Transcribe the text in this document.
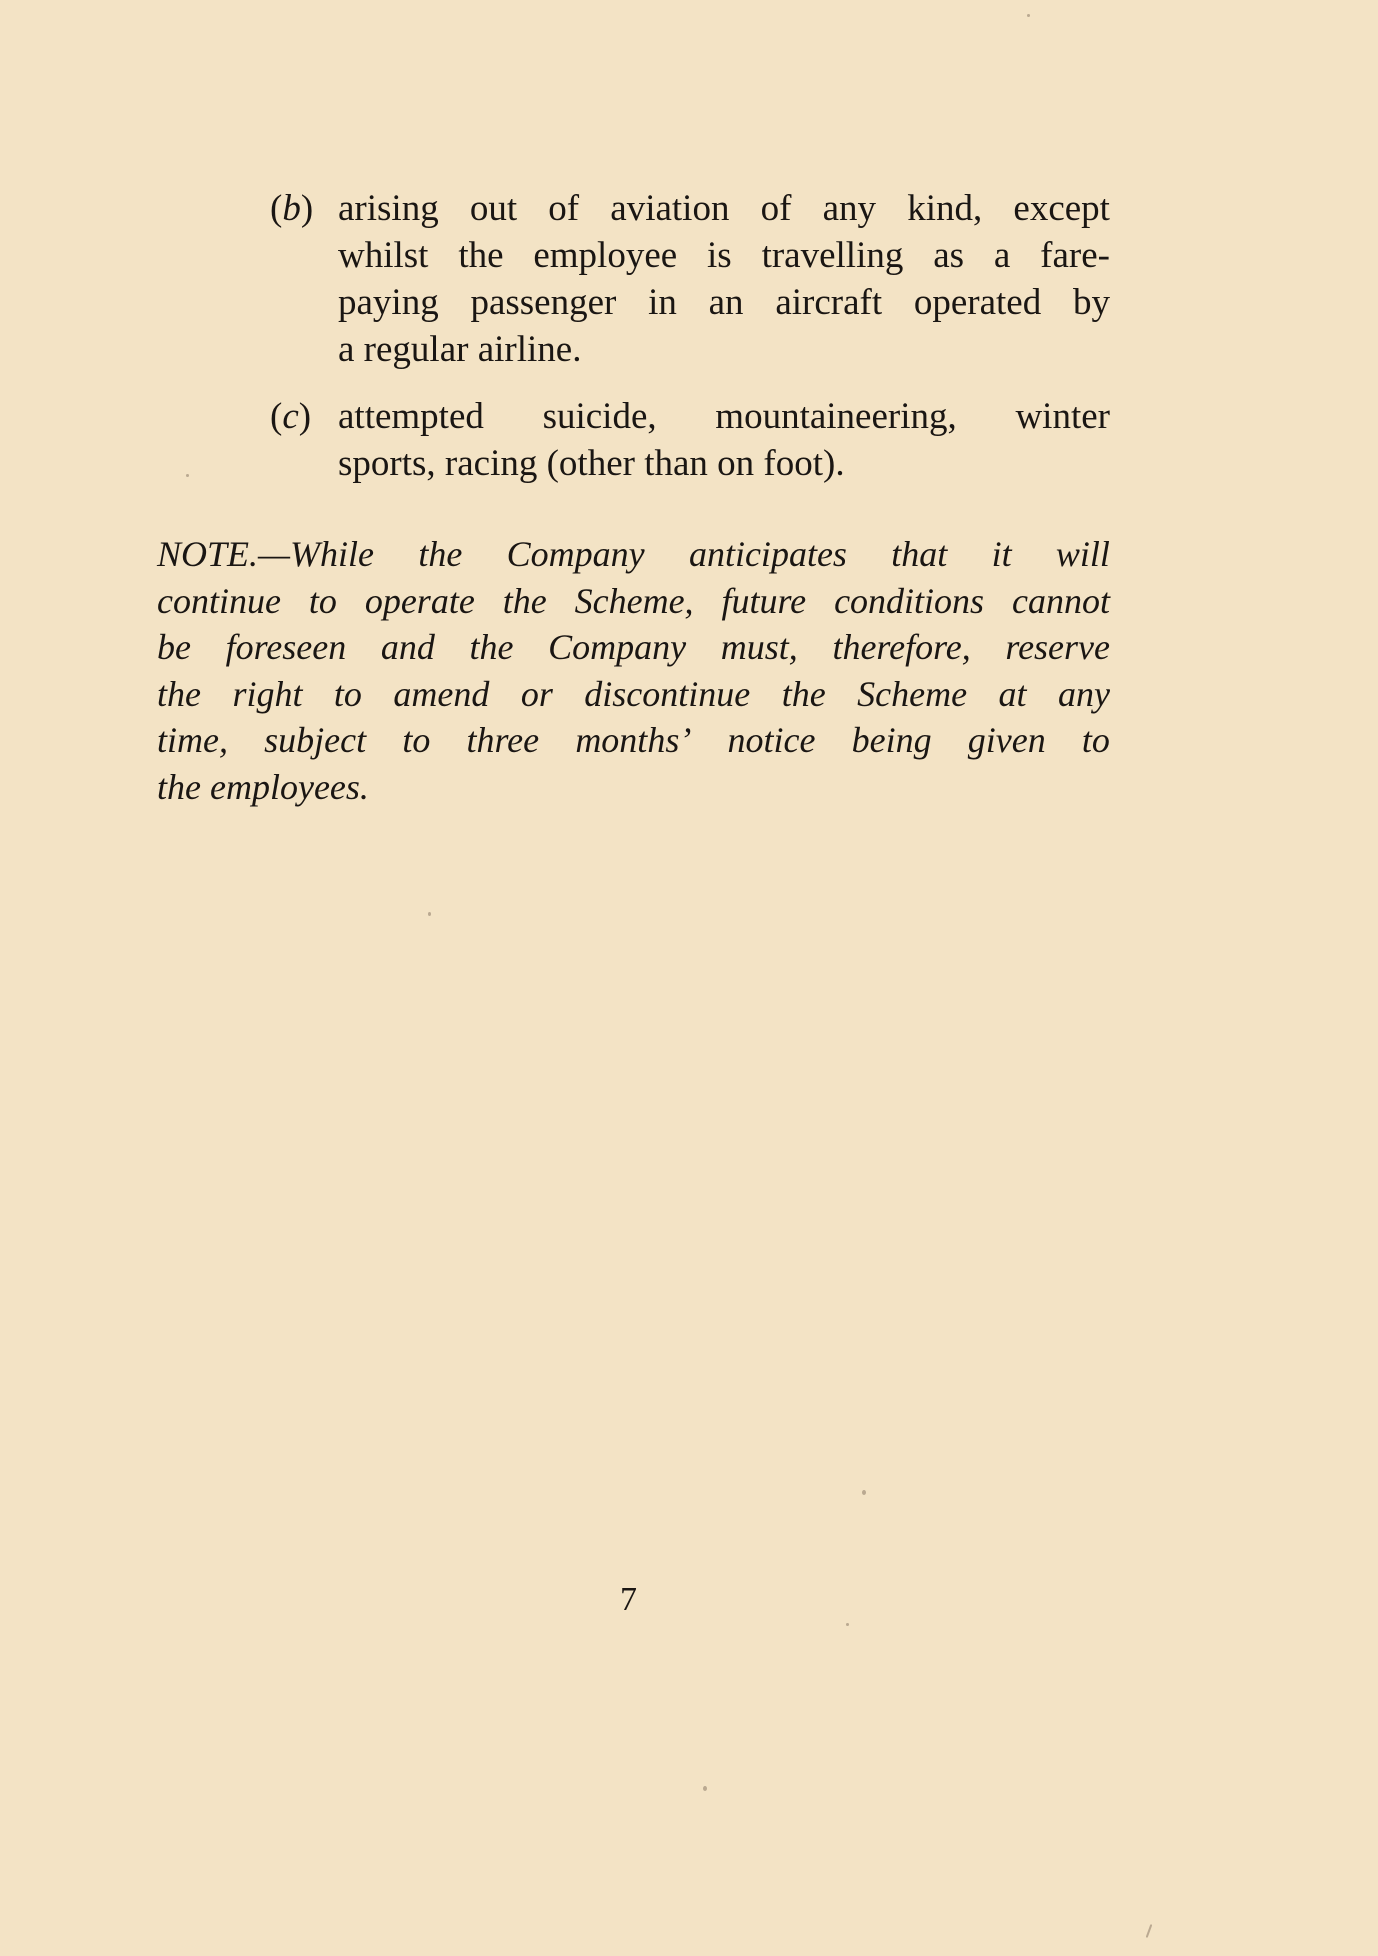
(b) arising out of aviation of any kind, except
whilst the employee is travelling as a fare-
paying passenger in an aircraft operated by
a regular airline.
(c) attempted suicide, mountaineering, winter
sports, racing (other than on foot).
NOTE.—While the Company anticipates that it will
continue to operate the Scheme, future conditions cannot
be foreseen and the Company must, therefore, reserve
the right to amend or discontinue the Scheme at any
time, subject to three months’ notice being given to
the employees.
7
